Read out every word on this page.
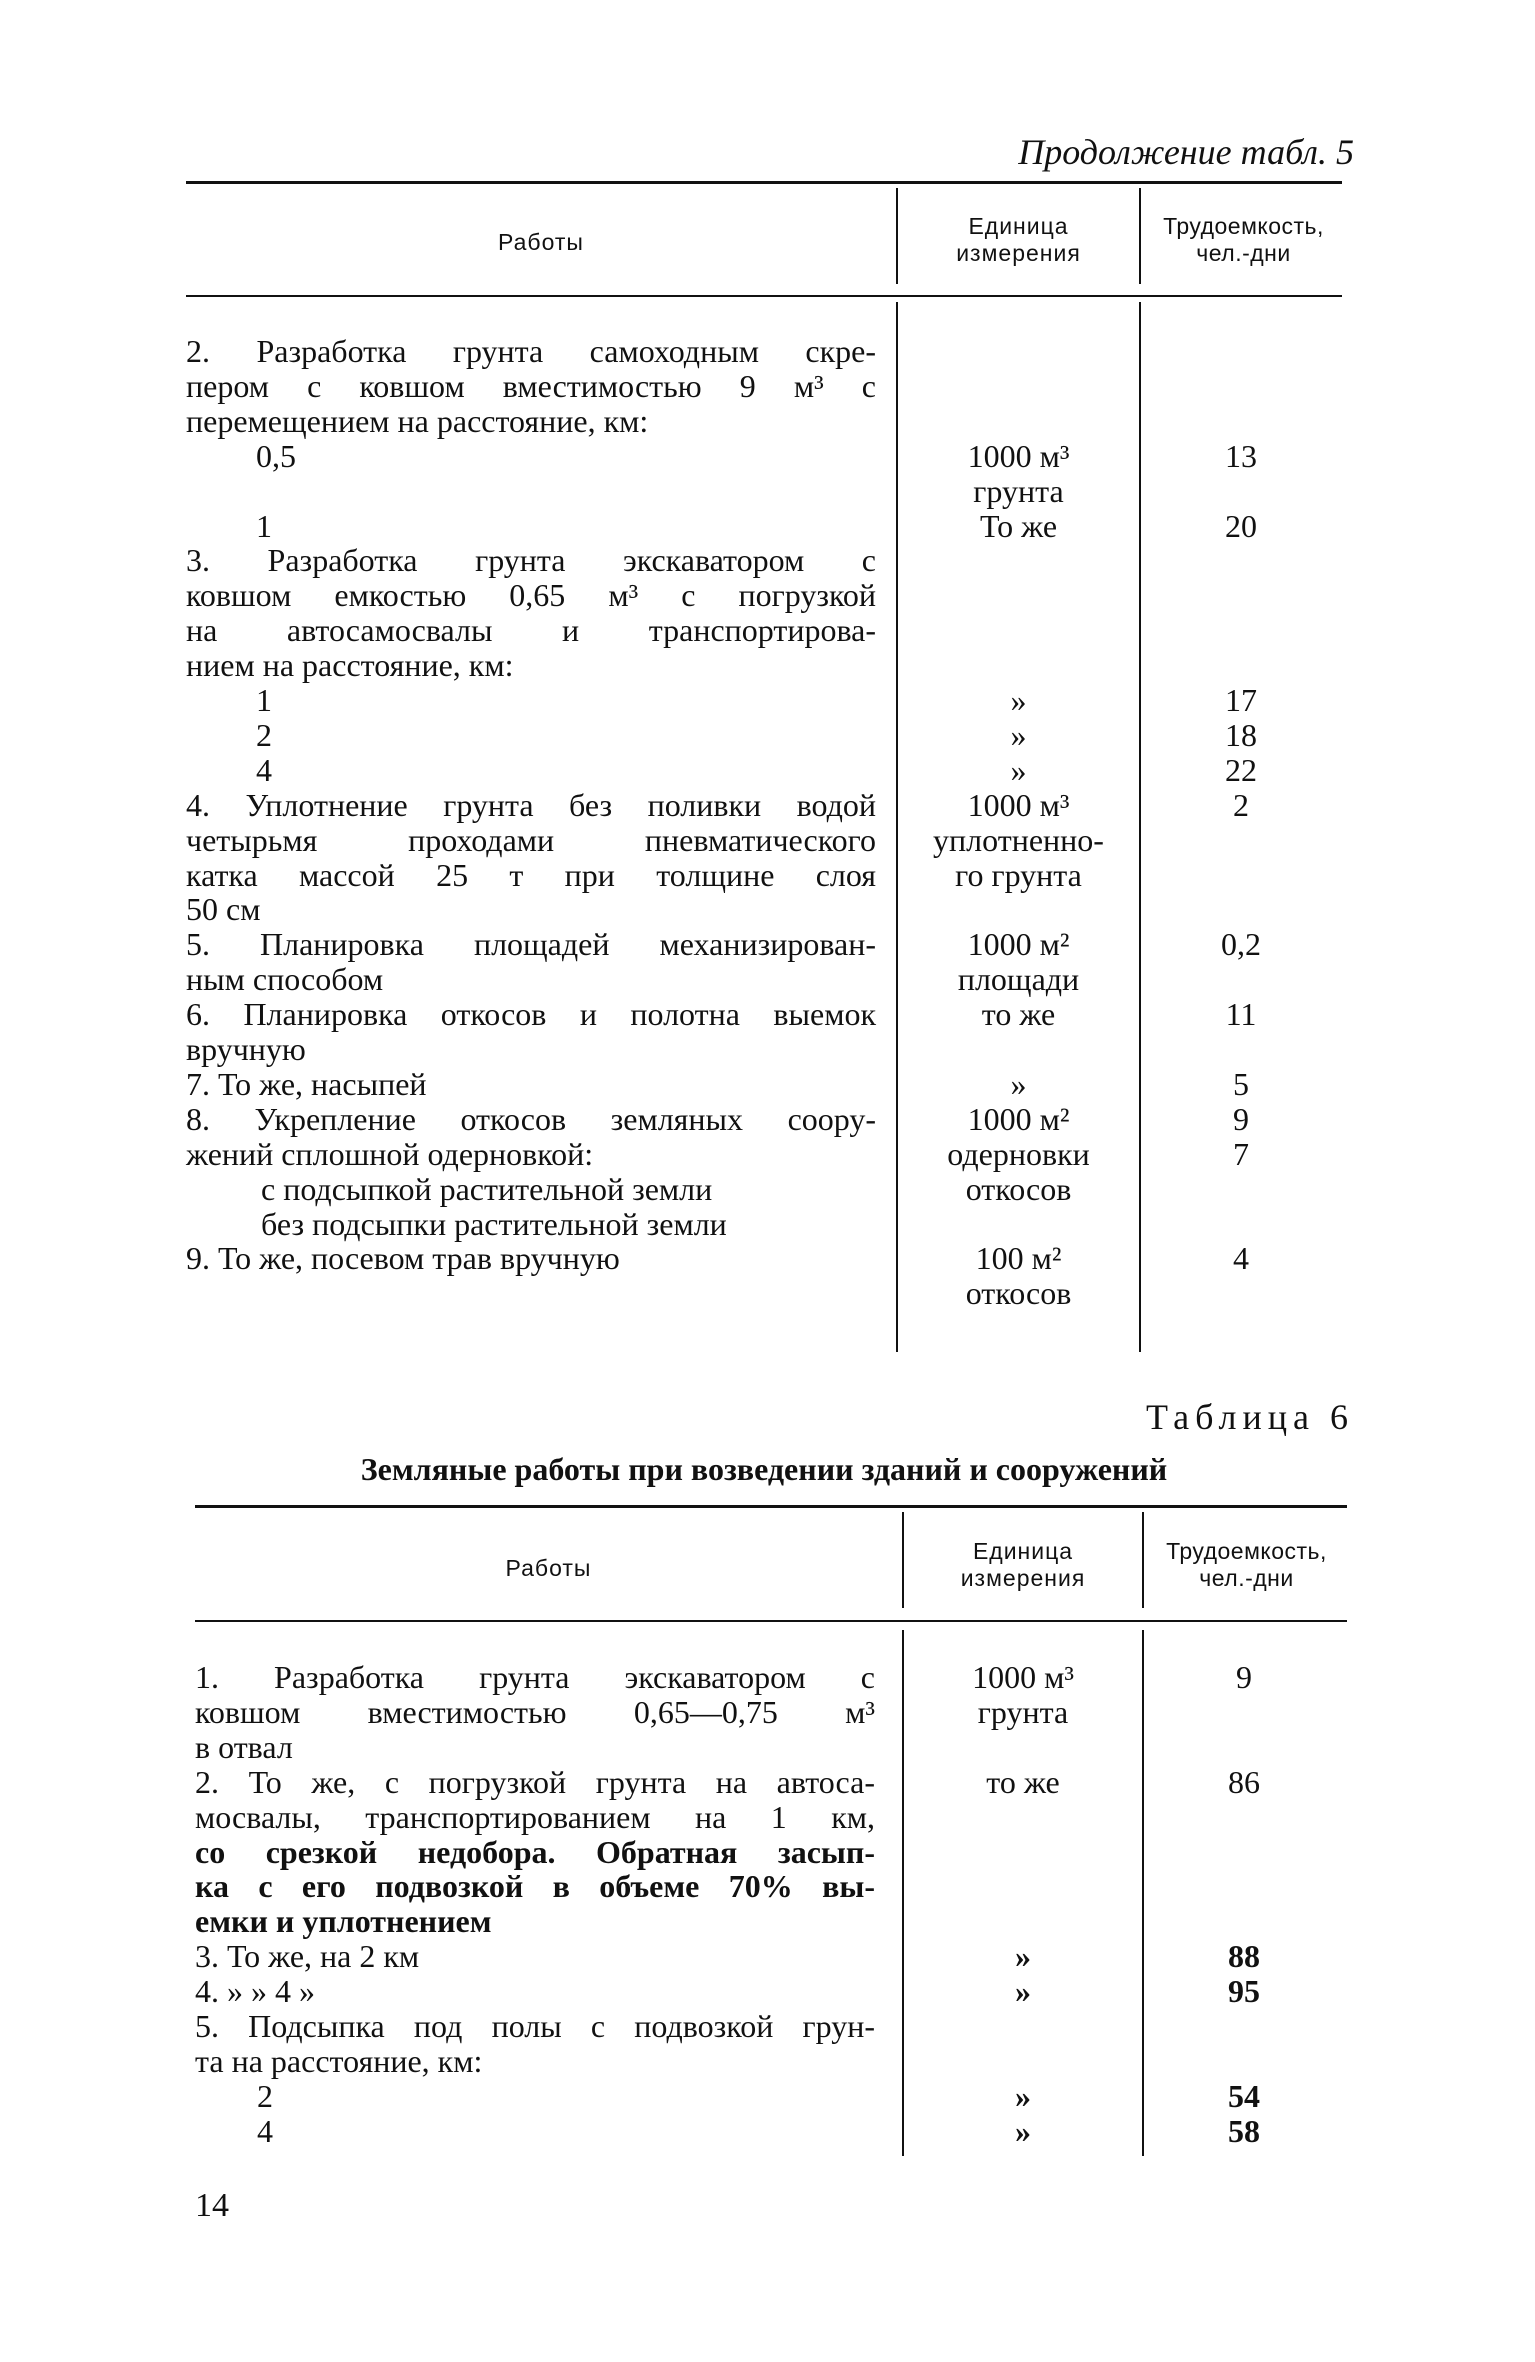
Продолжение табл. 5
Работы
Единица
измерения
Трудоемкость,
чел.-дни
2. Разработка грунта самоходным скре-
пером с ковшом вместимостью 9 м³ с
перемещением на расстояние, км:
0,5
1
3. Разработка грунта экскаватором с
ковшом емкостью 0,65 м³ с погрузкой
на автосамосвалы и транспортирова-
нием на расстояние, км:
1
2
4
4. Уплотнение грунта без поливки водой
четырьмя проходами пневматического
катка массой 25 т при толщине слоя
50 см
5. Планировка площадей механизирован-
ным способом
6. Планировка откосов и полотна выемок
вручную
7. То же, насыпей
8. Укрепление откосов земляных соору-
жений сплошной одерновкой:
с подсыпкой растительной земли
без подсыпки растительной земли
9. То же, посевом трав вручную
1000 м³
грунта
То же
»
»
»
1000 м³
уплотненно-
го грунта
1000 м²
площади
то же
»
1000 м²
одерновки
откосов
100 м²
откосов
13
20
17
18
22
2
0,2
11
5
9
7
4
Таблица 6
Земляные работы при возведении зданий и сооружений
Работы
Единица
измерения
Трудоемкость,
чел.-дни
1. Разработка грунта экскаватором с
ковшом вместимостью 0,65—0,75 м³
в отвал
2. То же, с погрузкой грунта на автоса-
мосвалы, транспортированием на 1 км,
со срезкой недобора. Обратная засып-
ка с его подвозкой в объеме 70% вы-
емки и уплотнением
3. То же, на 2 км
4. » » 4 »
5. Подсыпка под полы с подвозкой грун-
та на расстояние, км:
2
4
1000 м³
грунта
то же
»
»
»
»
9
86
88
95
54
58
14
